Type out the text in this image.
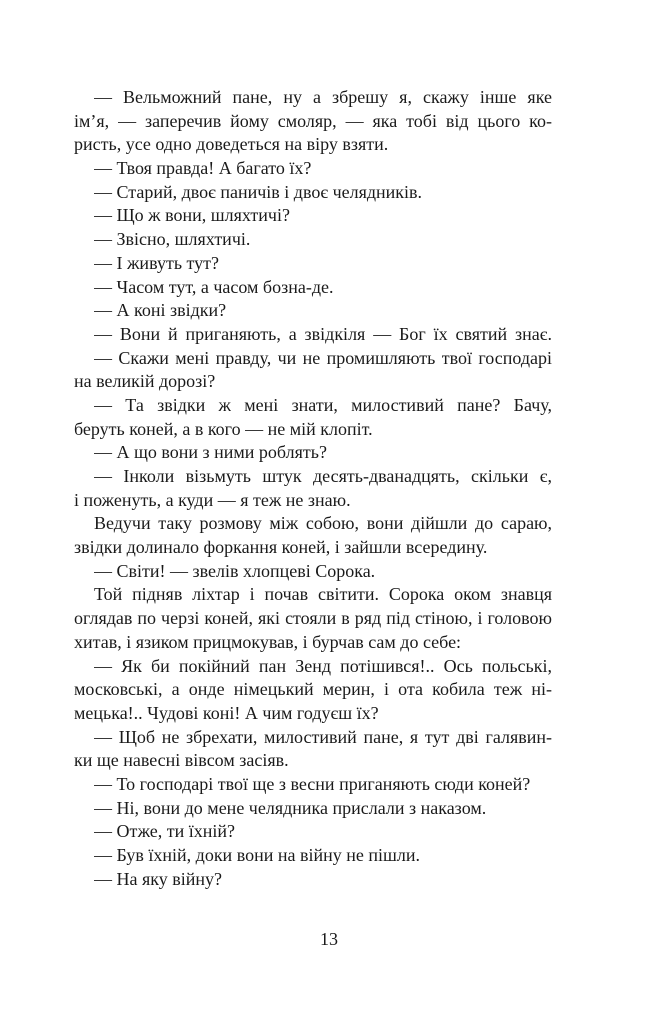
— Вельможний пане, ну а збрешу я, скажу інше яке
ім’я, — заперечив йому смоляр, — яка тобі від цього ко-
ристь, усе одно доведеться на віру взяти.
— Твоя правда! А багато їх?
— Старий, двоє паничів і двоє челядників.
— Що ж вони, шляхтичі?
— Звісно, шляхтичі.
— І живуть тут?
— Часом тут, а часом бозна-де.
— А коні звідки?
— Вони й приганяють, а звідкіля — Бог їх святий знає.
— Скажи мені правду, чи не промишляють твої господарі
на великій дорозі?
— Та звідки ж мені знати, милостивий пане? Бачу,
беруть коней, а в кого — не мій клопіт.
— А що вони з ними роблять?
— Інколи візьмуть штук десять-дванадцять, скільки є,
і поженуть, а куди — я теж не знаю.
Ведучи таку розмову між собою, вони дійшли до сараю,
звідки долинало форкання коней, і зайшли всередину.
— Світи! — звелів хлопцеві Сорока.
Той підняв ліхтар і почав світити. Сорока оком знавця
оглядав по черзі коней, які стояли в ряд під стіною, і головою
хитав, і язиком прицмокував, і бурчав сам до себе:
— Як би покійний пан Зенд потішився!.. Ось польські,
московські, а онде німецький мерин, і ота кобила теж ні-
мецька!.. Чудові коні! А чим годуєш їх?
— Щоб не збрехати, милостивий пане, я тут дві галявин-
ки ще навесні вівсом засіяв.
— То господарі твої ще з весни приганяють сюди коней?
— Ні, вони до мене челядника прислали з наказом.
— Отже, ти їхній?
— Був їхній, доки вони на війну не пішли.
— На яку війну?
13
